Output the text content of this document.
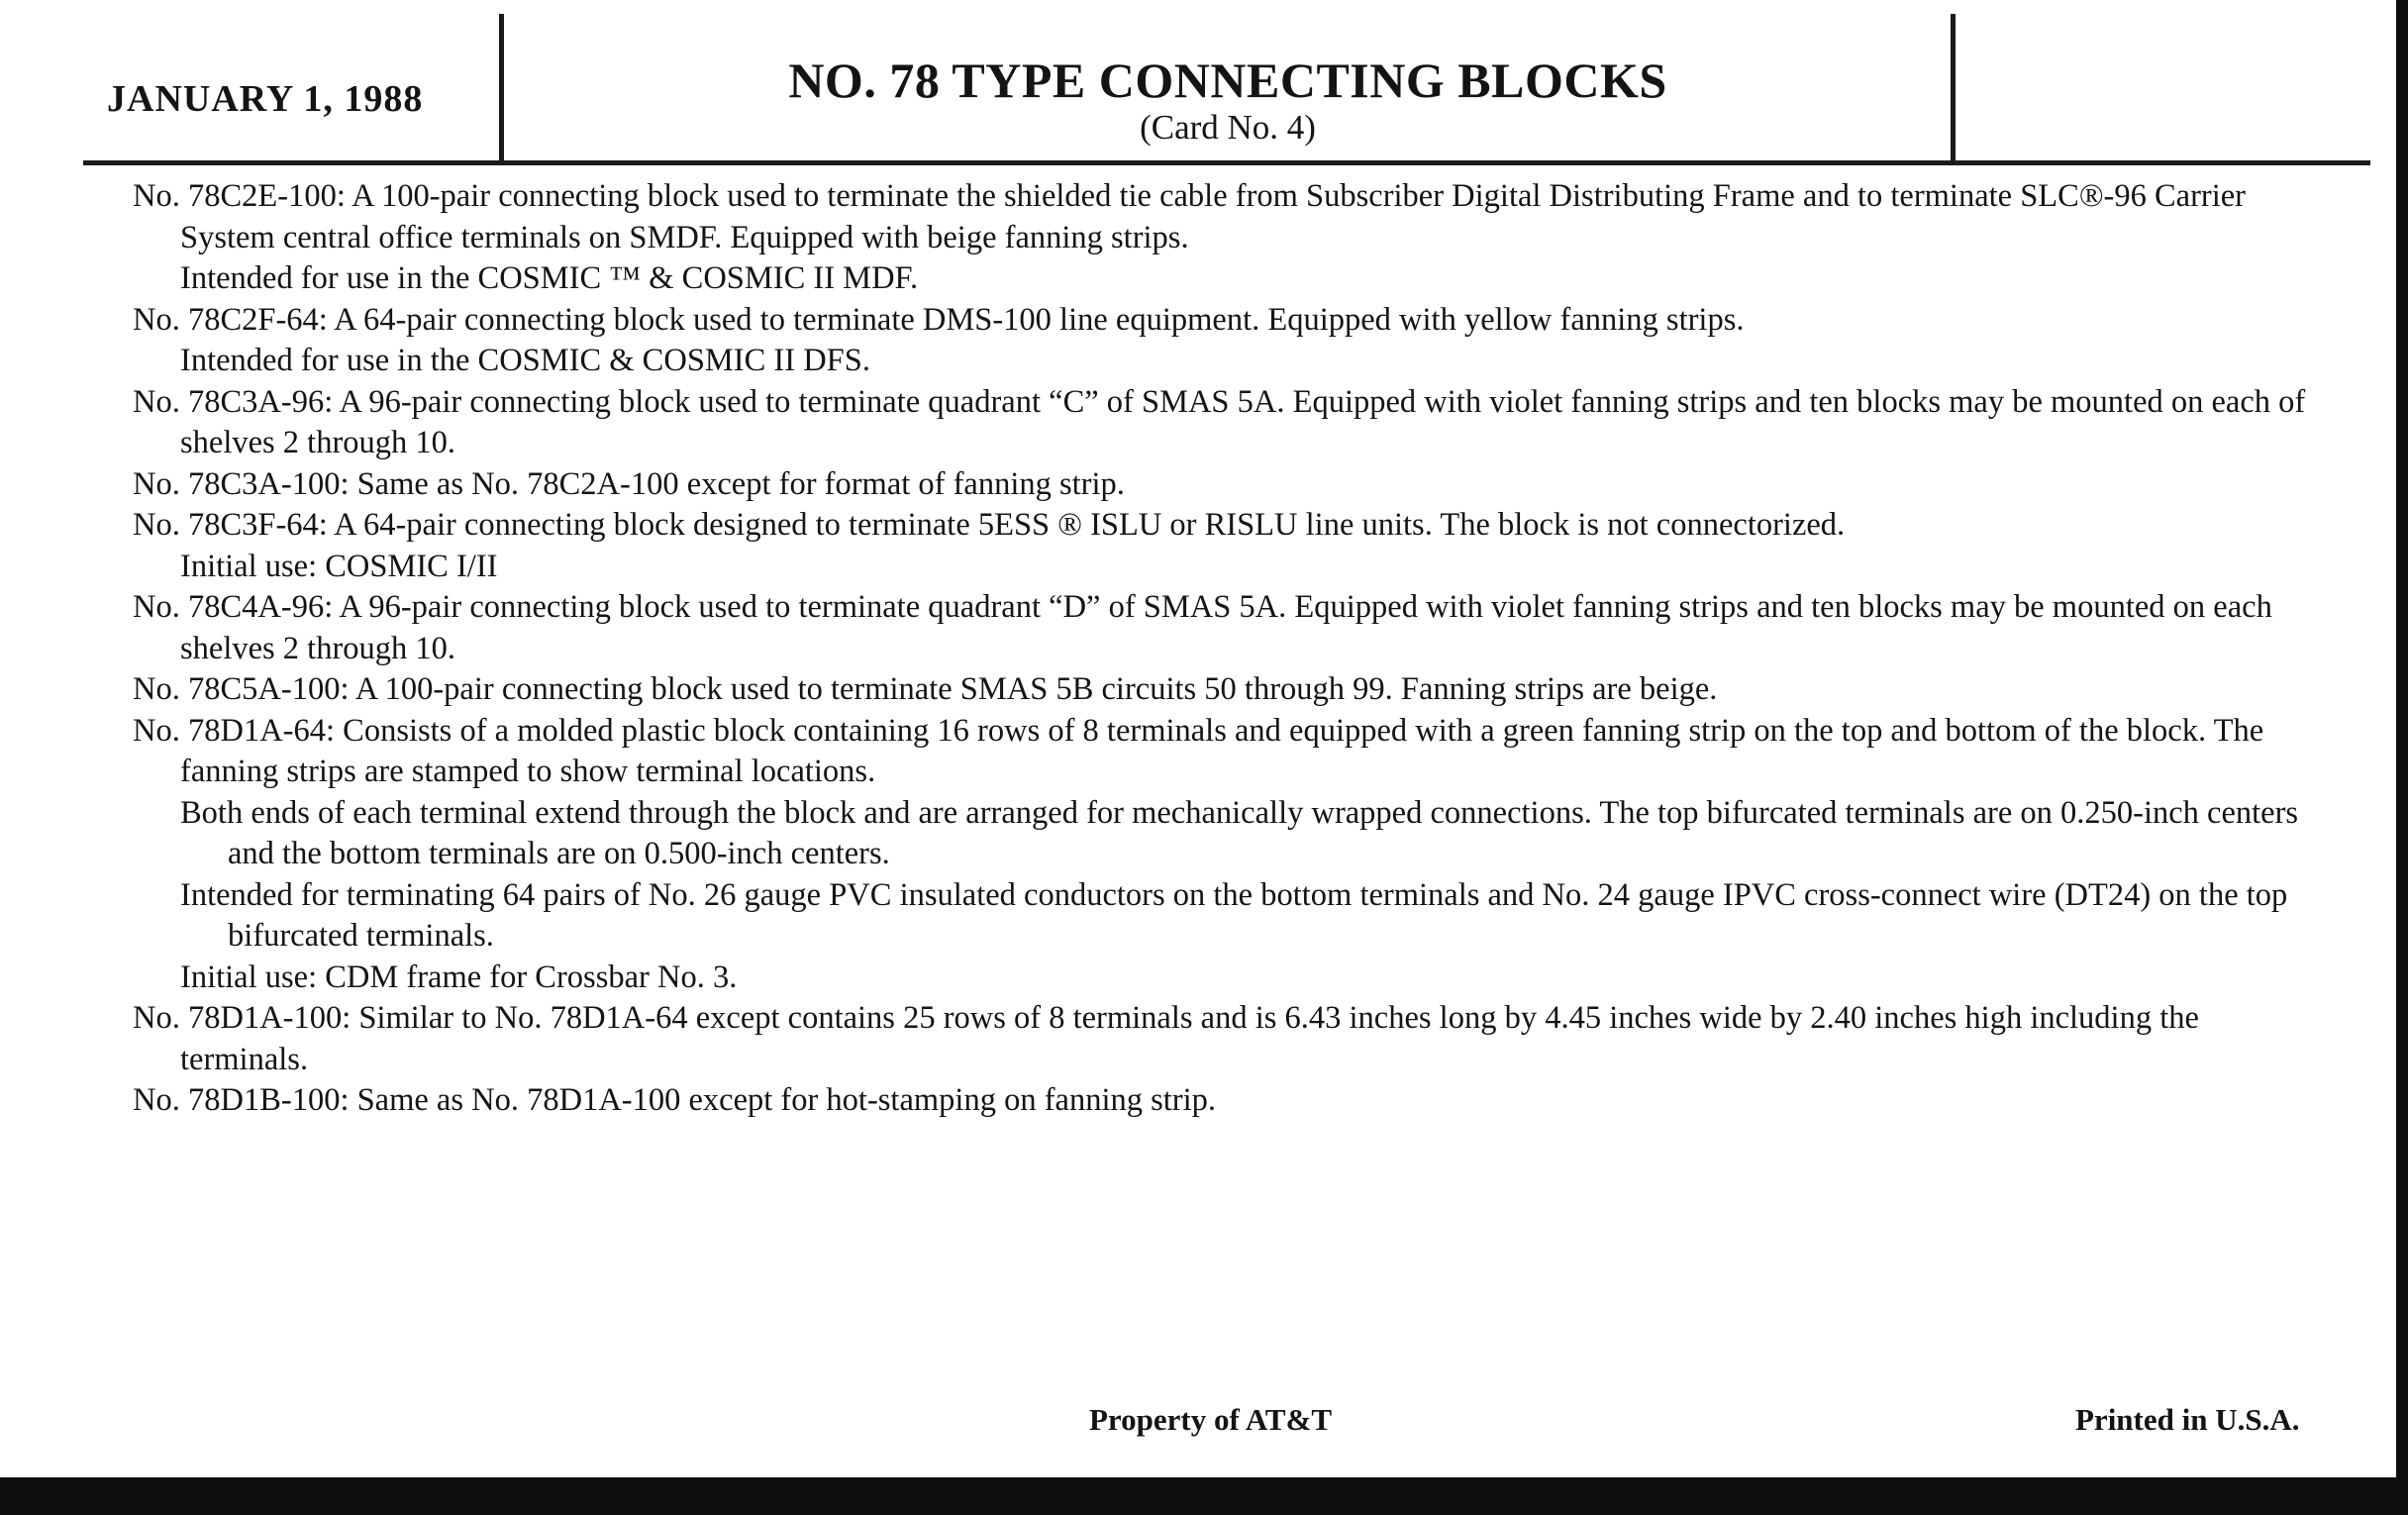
JANUARY 1, 1988	NO. 78 TYPE CONNECTING BLOCKS
(Card No. 4)

No. 78C2E-100: A 100-pair connecting block used to terminate the shielded tie cable from Subscriber Digital Distributing Frame and to terminate SLC®-96 Carrier System central office terminals on SMDF. Equipped with beige fanning strips.

Intended for use in the COSMIC ™ & COSMIC II MDF.

No. 78C2F-64: A 64-pair connecting block used to terminate DMS-100 line equipment. Equipped with yellow fanning strips.

Intended for use in the COSMIC & COSMIC II DFS.

No. 78C3A-96: A 96-pair connecting block used to terminate quadrant “C” of SMAS 5A. Equipped with violet fanning strips and ten blocks may be mounted on each of shelves 2 through 10.

No. 78C3A-100: Same as No. 78C2A-100 except for format of fanning strip.

No. 78C3F-64: A 64-pair connecting block designed to terminate 5ESS ® ISLU or RISLU line units. The block is not connectorized.

Initial use: COSMIC I/II

No. 78C4A-96: A 96-pair connecting block used to terminate quadrant “D” of SMAS 5A. Equipped with violet fanning strips and ten blocks may be mounted on each shelves 2 through 10.

No. 78C5A-100: A 100-pair connecting block used to terminate SMAS 5B circuits 50 through 99. Fanning strips are beige.

No. 78D1A-64: Consists of a molded plastic block containing 16 rows of 8 terminals and equipped with a green fanning strip on the top and bottom of the block. The fanning strips are stamped to show terminal locations.

Both ends of each terminal extend through the block and are arranged for mechanically wrapped connections. The top bifurcated terminals are on 0.250-inch centers and the bottom terminals are on 0.500-inch centers.

Intended for terminating 64 pairs of No. 26 gauge PVC insulated conductors on the bottom terminals and No. 24 gauge IPVC cross-connect wire (DT24) on the top bifurcated terminals.

Initial use: CDM frame for Crossbar No. 3.

No. 78D1A-100: Similar to No. 78D1A-64 except contains 25 rows of 8 terminals and is 6.43 inches long by 4.45 inches wide by 2.40 inches high including the terminals.

No. 78D1B-100: Same as No. 78D1A-100 except for hot-stamping on fanning strip.

Property of AT&T	Printed in U.S.A.
